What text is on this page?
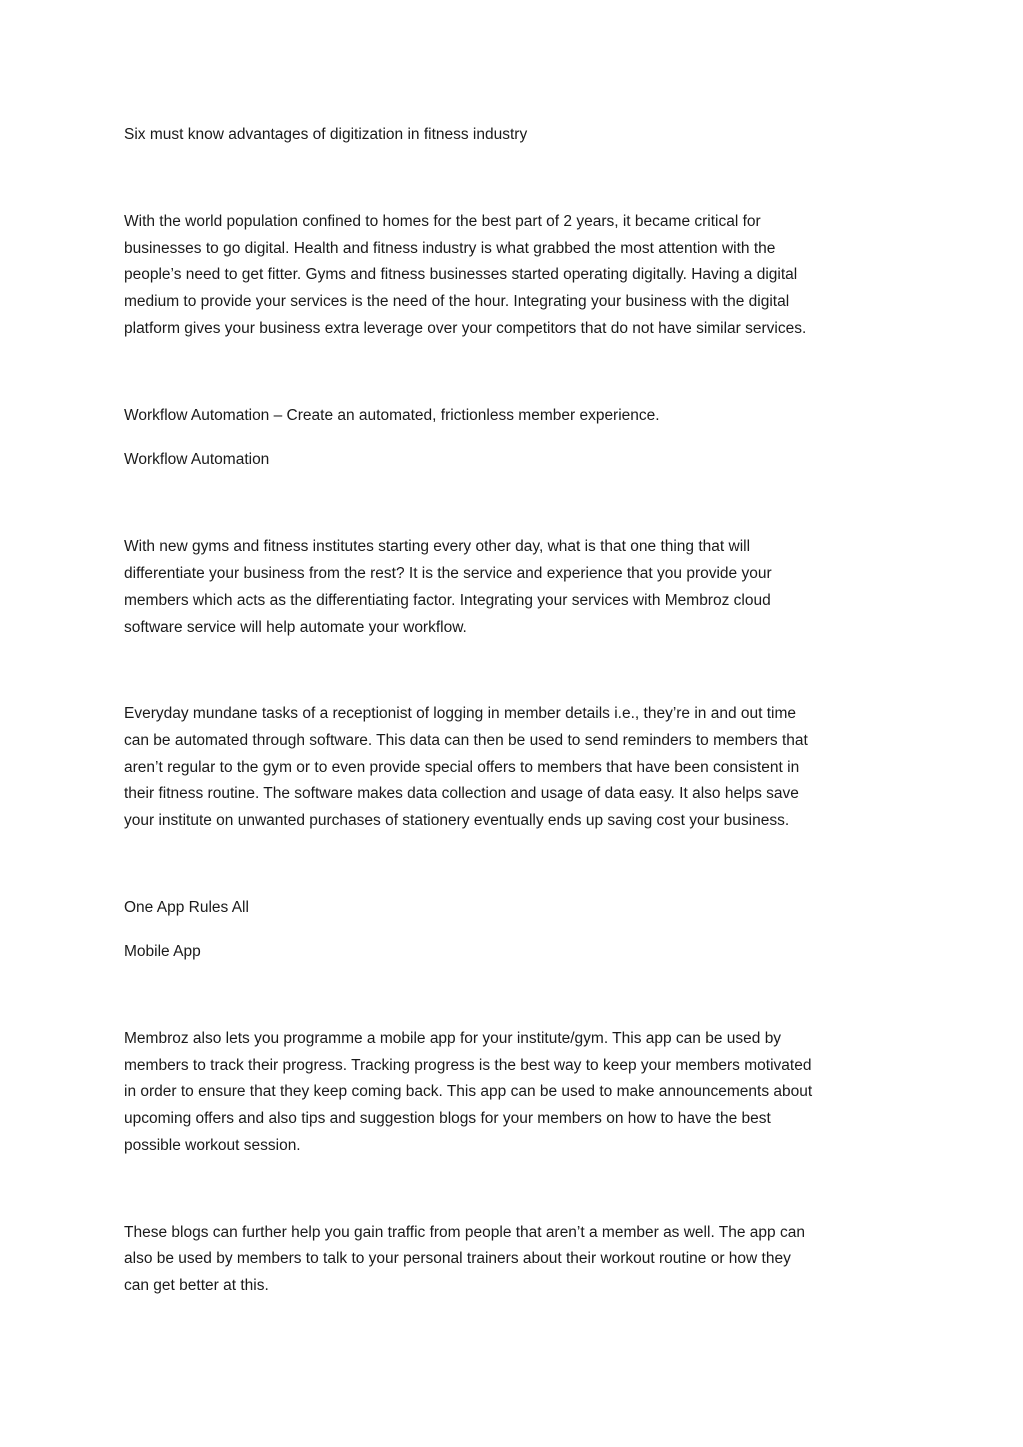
Six must know advantages of digitization in fitness industry

With the world population confined to homes for the best part of 2 years, it became critical for

businesses to go digital. Health and fitness industry is what grabbed the most attention with the

people’s need to get fitter. Gyms and fitness businesses started operating digitally. Having a digital

medium to provide your services is the need of the hour. Integrating your business with the digital

platform gives your business extra leverage over your competitors that do not have similar services.

Workflow Automation – Create an automated, frictionless member experience.

Workflow Automation

With new gyms and fitness institutes starting every other day, what is that one thing that will

differentiate your business from the rest? It is the service and experience that you provide your

members which acts as the differentiating factor. Integrating your services with Membroz cloud

software service will help automate your workflow.

Everyday mundane tasks of a receptionist of logging in member details i.e., they’re in and out time

can be automated through software. This data can then be used to send reminders to members that

aren’t regular to the gym or to even provide special offers to members that have been consistent in

their fitness routine. The software makes data collection and usage of data easy. It also helps save

your institute on unwanted purchases of stationery eventually ends up saving cost your business.

One App Rules All

Mobile App

Membroz also lets you programme a mobile app for your institute/gym. This app can be used by

members to track their progress. Tracking progress is the best way to keep your members motivated

in order to ensure that they keep coming back. This app can be used to make announcements about

upcoming offers and also tips and suggestion blogs for your members on how to have the best

possible workout session.

These blogs can further help you gain traffic from people that aren’t a member as well. The app can

also be used by members to talk to your personal trainers about their workout routine or how they

can get better at this.
